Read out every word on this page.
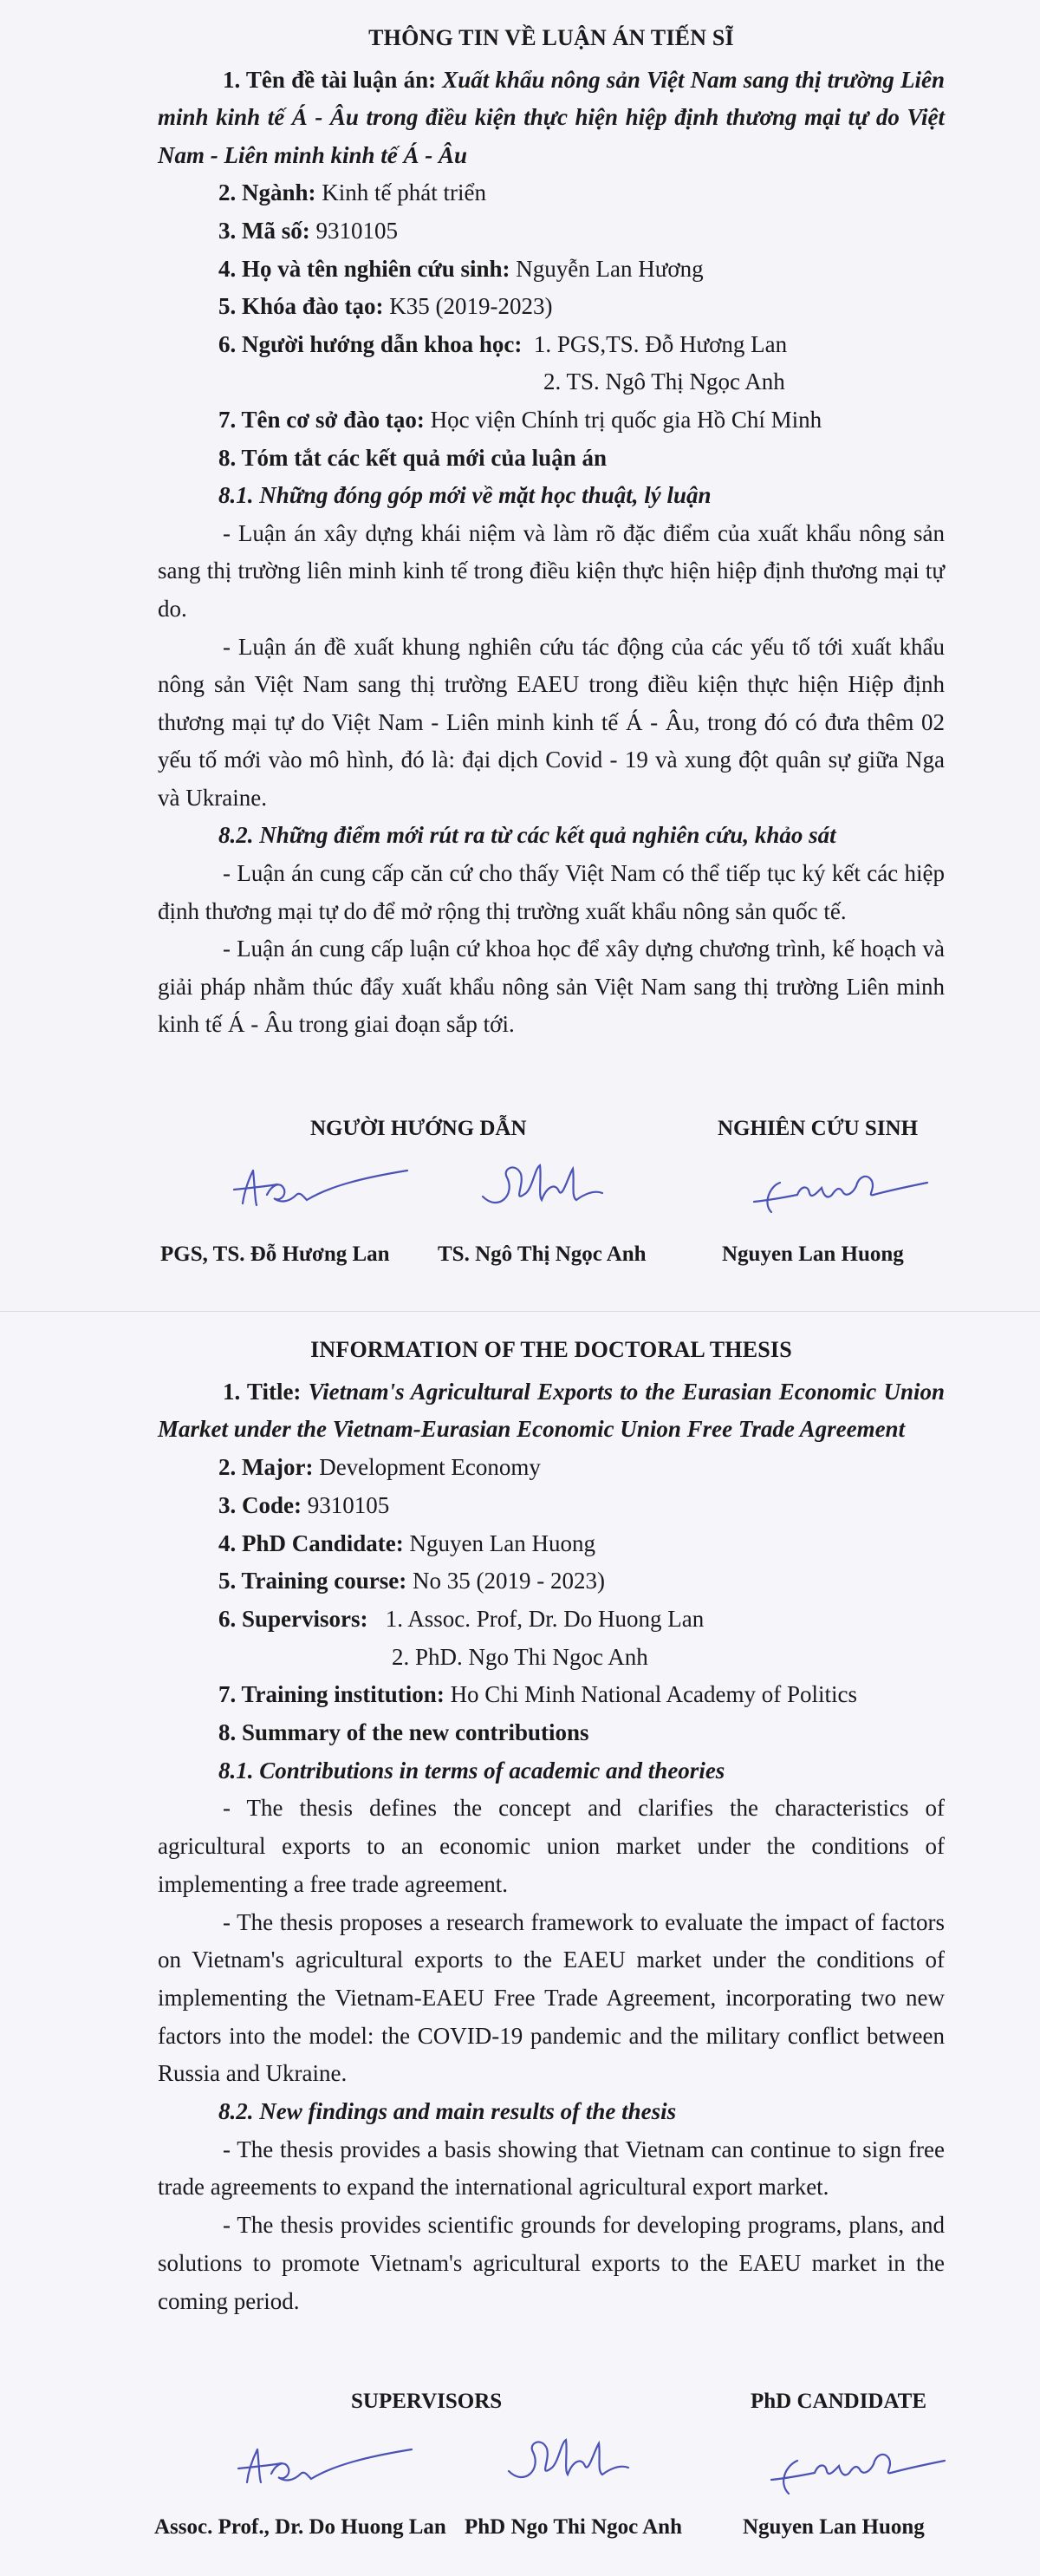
THÔNG TIN VỀ LUẬN ÁN TIẾN SĨ

1. Tên đề tài luận án: Xuất khẩu nông sản Việt Nam sang thị trường Liên minh kinh tế Á - Âu trong điều kiện thực hiện hiệp định thương mại tự do Việt Nam - Liên minh kinh tế Á - Âu

2. Ngành: Kinh tế phát triển

3. Mã số: 9310105

4. Họ và tên nghiên cứu sinh: Nguyễn Lan Hương

5. Khóa đào tạo: K35 (2019-2023)

6. Người hướng dẫn khoa học: 1. PGS,TS. Đỗ Hương Lan

2. TS. Ngô Thị Ngọc Anh

7. Tên cơ sở đào tạo: Học viện Chính trị quốc gia Hồ Chí Minh

8. Tóm tắt các kết quả mới của luận án

8.1. Những đóng góp mới về mặt học thuật, lý luận

- Luận án xây dựng khái niệm và làm rõ đặc điểm của xuất khẩu nông sản sang thị trường liên minh kinh tế trong điều kiện thực hiện hiệp định thương mại tự do.

- Luận án đề xuất khung nghiên cứu tác động của các yếu tố tới xuất khẩu nông sản Việt Nam sang thị trường EAEU trong điều kiện thực hiện Hiệp định thương mại tự do Việt Nam - Liên minh kinh tế Á - Âu, trong đó có đưa thêm 02 yếu tố mới vào mô hình, đó là: đại dịch Covid - 19 và xung đột quân sự giữa Nga và Ukraine.

8.2. Những điểm mới rút ra từ các kết quả nghiên cứu, khảo sát

- Luận án cung cấp căn cứ cho thấy Việt Nam có thể tiếp tục ký kết các hiệp định thương mại tự do để mở rộng thị trường xuất khẩu nông sản quốc tế.

- Luận án cung cấp luận cứ khoa học để xây dựng chương trình, kế hoạch và giải pháp nhằm thúc đẩy xuất khẩu nông sản Việt Nam sang thị trường Liên minh kinh tế Á - Âu trong giai đoạn sắp tới.

NGƯỜI HƯỚNG DẪN	NGHIÊN CỨU SINH
PGS, TS. Đỗ Hương Lan TS. Ngô Thị Ngọc Anh	Nguyen Lan Huong

INFORMATION OF THE DOCTORAL THESIS

1. Title: Vietnam's Agricultural Exports to the Eurasian Economic Union Market under the Vietnam-Eurasian Economic Union Free Trade Agreement

2. Major: Development Economy

3. Code: 9310105

4. PhD Candidate: Nguyen Lan Huong

5. Training course: No 35 (2019 - 2023)

6. Supervisors: 1. Assoc. Prof, Dr. Do Huong Lan

2. PhD. Ngo Thi Ngoc Anh

7. Training institution: Ho Chi Minh National Academy of Politics

8. Summary of the new contributions

8.1. Contributions in terms of academic and theories

- The thesis defines the concept and clarifies the characteristics of agricultural exports to an economic union market under the conditions of implementing a free trade agreement.

- The thesis proposes a research framework to evaluate the impact of factors on Vietnam's agricultural exports to the EAEU market under the conditions of implementing the Vietnam-EAEU Free Trade Agreement, incorporating two new factors into the model: the COVID-19 pandemic and the military conflict between Russia and Ukraine.

8.2. New findings and main results of the thesis

- The thesis provides a basis showing that Vietnam can continue to sign free trade agreements to expand the international agricultural export market.

- The thesis provides scientific grounds for developing programs, plans, and solutions to promote Vietnam's agricultural exports to the EAEU market in the coming period.

SUPERVISORS	PhD CANDIDATE
Assoc. Prof., Dr. Do Huong Lan PhD Ngo Thi Ngoc Anh	Nguyen Lan Huong
